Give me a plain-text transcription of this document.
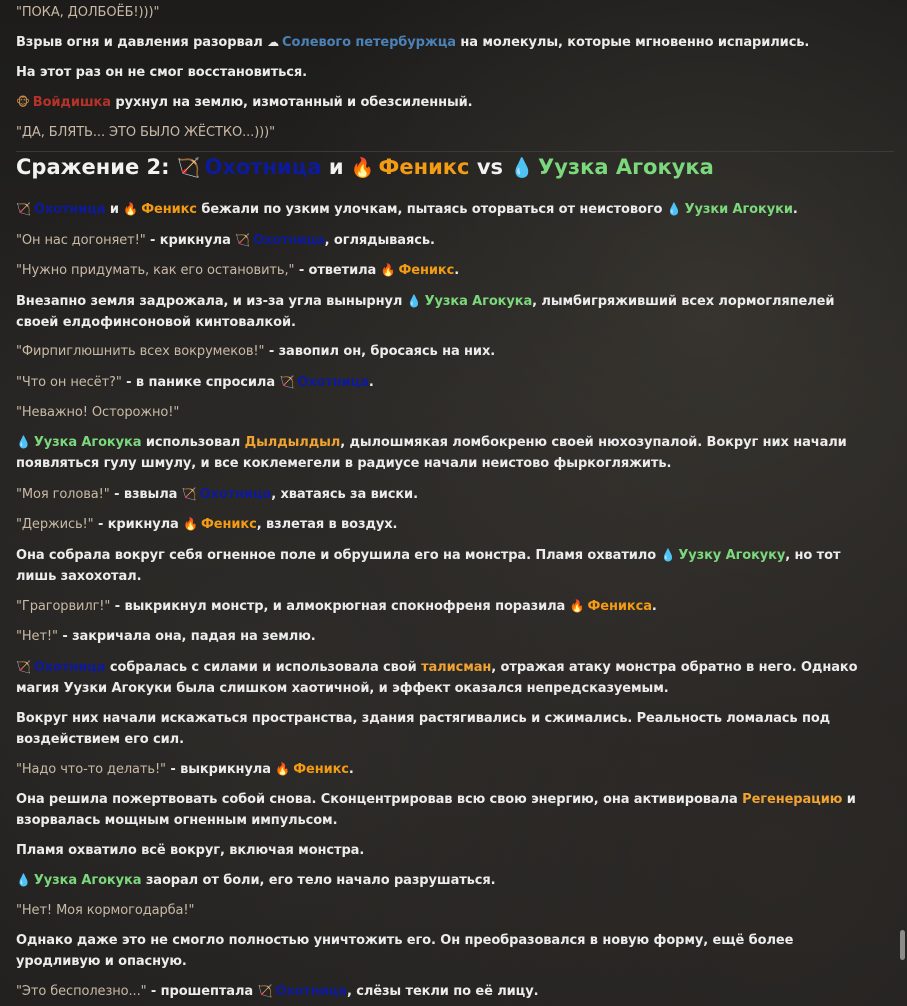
"ПОКА, ДОЛБОЁБ!)))"
Взрыв огня и давления разорвал ☁ Солевого петербуржца на молекулы, которые мгновенно испарились.
На этот раз он не смог восстановиться.
🐵 Войдишка рухнул на землю, измотанный и обезсиленный.
"ДА, БЛЯТЬ... ЭТО БЫЛО ЖЁСТКО...)))"
Сражение 2: 🏹 Охотница и 🔥 Феникс vs 💧 Уузка Агокука
🏹 Охотница и 🔥 Феникс бежали по узким улочкам, пытаясь оторваться от неистового 💧 Уузки Агокуки.
"Он нас догоняет!" - крикнула 🏹 Охотница, оглядываясь.
"Нужно придумать, как его остановить," - ответила 🔥 Феникс.
Внезапно земля задрожала, и из-за угла вынырнул 💧 Уузка Агокука, лымбигряживший всех лормогляпелей своей елдофинсоновой кинтовалкой.
"Фирпиглюшнить всех вокрумеков!" - завопил он, бросаясь на них.
"Что он несёт?" - в панике спросила 🏹 Охотница.
"Неважно! Осторожно!"
💧 Уузка Агокука использовал Дылдылдыл, дылошмякая ломбокреню своей нюхозупалой. Вокруг них начали появляться гулу шмулу, и все коклемегели в радиусе начали неистово фыркогляжить.
"Моя голова!" - взвыла 🏹 Охотница, хватаясь за виски.
"Держись!" - крикнула 🔥 Феникс, взлетая в воздух.
Она собрала вокруг себя огненное поле и обрушила его на монстра. Пламя охватило 💧 Уузку Агокуку, но тот лишь захохотал.
"Грагорвилг!" - выкрикнул монстр, и алмокрюгная спокнофреня поразила 🔥 Феникса.
"Нет!" - закричала она, падая на землю.
🏹 Охотница собралась с силами и использовала свой талисман, отражая атаку монстра обратно в него. Однако магия Уузки Агокуки была слишком хаотичной, и эффект оказался непредсказуемым.
Вокруг них начали искажаться пространства, здания растягивались и сжимались. Реальность ломалась под воздействием его сил.
"Надо что-то делать!" - выкрикнула 🔥 Феникс.
Она решила пожертвовать собой снова. Сконцентрировав всю свою энергию, она активировала Регенерацию и взорвалась мощным огненным импульсом.
Пламя охватило всё вокруг, включая монстра.
💧 Уузка Агокука заорал от боли, его тело начало разрушаться.
"Нет! Моя кормогодарба!"
Однако даже это не смогло полностью уничтожить его. Он преобразовался в новую форму, ещё более уродливую и опасную.
"Это бесполезно..." - прошептала 🏹 Охотница, слёзы текли по её лицу.
